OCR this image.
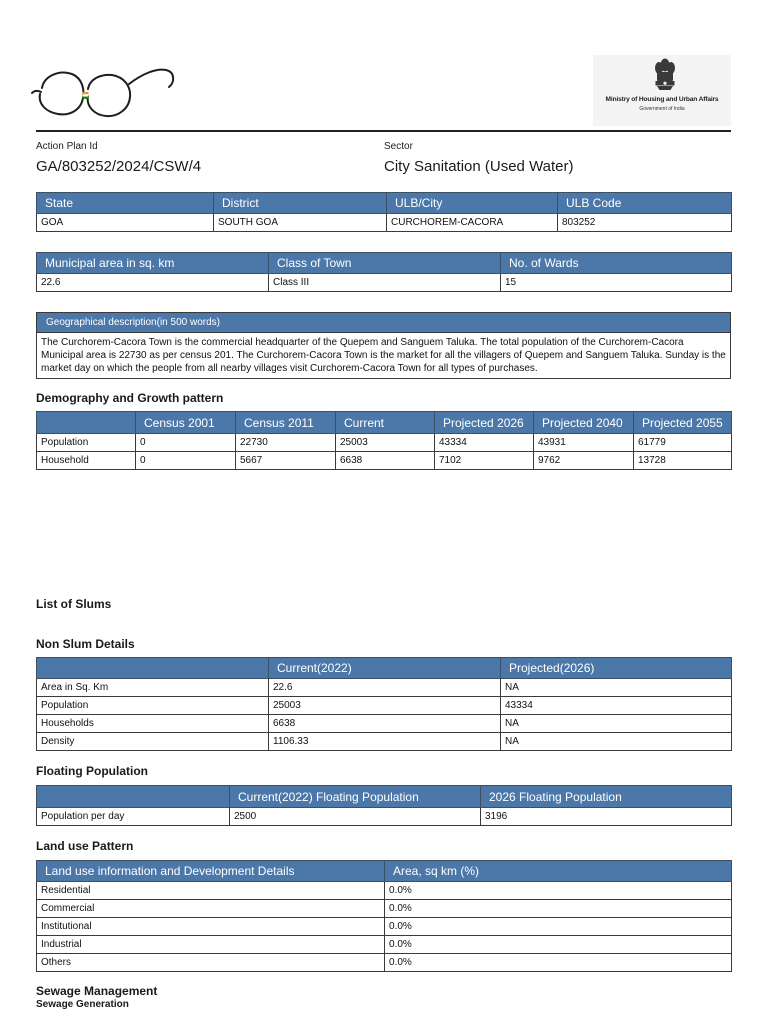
Ministry of Housing and Urban Affairs
Government of India
Action Plan Id
GA/803252/2024/CSW/4
Sector
City Sanitation (Used Water)
State	District	ULB/City	ULB Code
GOA	SOUTH GOA	CURCHOREM-CACORA	803252
Municipal area in sq. km	Class of Town	No. of Wards
22.6	Class III	15
Geographical description(in 500 words)
The Curchorem-Cacora Town is the commercial headquarter of the Quepem and Sanguem Taluka. The total population of the Curchorem-Cacora Municipal area is 22730 as per census 201. The Curchorem-Cacora Town is the market for all the villagers of Quepem and Sanguem Taluka. Sunday is the market day on which the people from all nearby villages visit Curchorem-Cacora Town for all types of purchases.
Demography and Growth pattern
	Census 2001	Census 2011	Current	Projected 2026	Projected 2040	Projected 2055
Population	0	22730	25003	43334	43931	61779
Household	0	5667	6638	7102	9762	13728
List of Slums
Non Slum Details
	Current(2022)	Projected(2026)
Area in Sq. Km	22.6	NA
Population	25003	43334
Households	6638	NA
Density	1106.33	NA
Floating Population
	Current(2022) Floating Population	2026 Floating Population
Population per day	2500	3196
Land use Pattern
Land use information and Development Details	Area, sq km (%)
Residential	0.0%
Commercial	0.0%
Institutional	0.0%
Industrial	0.0%
Others	0.0%
Sewage Management
Sewage Generation
